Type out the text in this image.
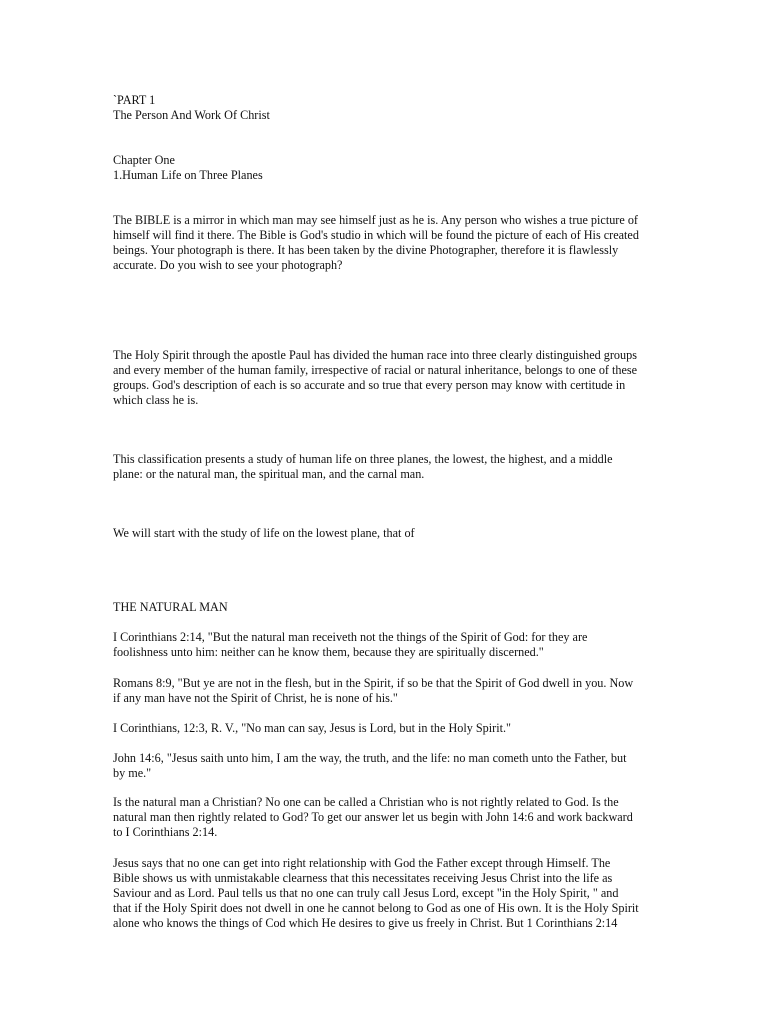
`PART 1
The Person And Work Of Christ
Chapter One
1.Human Life on Three Planes
The BIBLE is a mirror in which man may see himself just as he is. Any person who wishes a true picture of
himself will find it there. The Bible is God's studio in which will be found the picture of each of His created
beings. Your photograph is there. It has been taken by the divine Photographer, therefore it is flawlessly
accurate. Do you wish to see your photograph?
The Holy Spirit through the apostle Paul has divided the human race into three clearly distinguished groups
and every member of the human family, irrespective of racial or natural inheritance, belongs to one of these
groups. God's description of each is so accurate and so true that every person may know with certitude in
which class he is.
This classification presents a study of human life on three planes, the lowest, the highest, and a middle
plane: or the natural man, the spiritual man, and the carnal man.
We will start with the study of life on the lowest plane, that of
THE NATURAL MAN
I Corinthians 2:14, "But the natural man receiveth not the things of the Spirit of God: for they are
foolishness unto him: neither can he know them, because they are spiritually discerned."
Romans 8:9, "But ye are not in the flesh, but in the Spirit, if so be that the Spirit of God dwell in you. Now
if any man have not the Spirit of Christ, he is none of his."
I Corinthians, 12:3, R. V., "No man can say, Jesus is Lord, but in the Holy Spirit."
John 14:6, "Jesus saith unto him, I am the way, the truth, and the life: no man cometh unto the Father, but
by me."
Is the natural man a Christian? No one can be called a Christian who is not rightly related to God. Is the
natural man then rightly related to God? To get our answer let us begin with John 14:6 and work backward
to I Corinthians 2:14.
Jesus says that no one can get into right relationship with God the Father except through Himself. The
Bible shows us with unmistakable clearness that this necessitates receiving Jesus Christ into the life as
Saviour and as Lord. Paul tells us that no one can truly call Jesus Lord, except "in the Holy Spirit, " and
that if the Holy Spirit does not dwell in one he cannot belong to God as one of His own. It is the Holy Spirit
alone who knows the things of Cod which He desires to give us freely in Christ. But 1 Corinthians 2:14
